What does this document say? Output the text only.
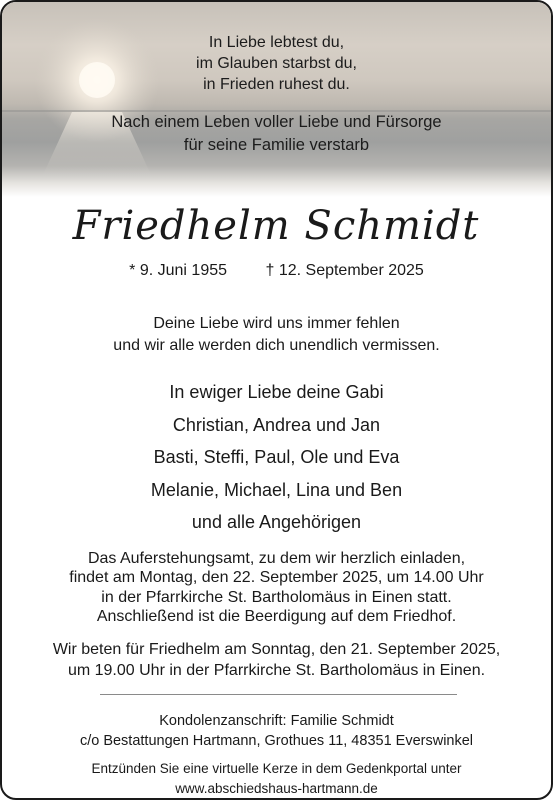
In Liebe lebtest du,
im Glauben starbst du,
in Frieden ruhest du.
Nach einem Leben voller Liebe und Fürsorge
für seine Familie verstarb
Friedhelm Schmidt
* 9. Juni 1955 † 12. September 2025
Deine Liebe wird uns immer fehlen
und wir alle werden dich unendlich vermissen.
In ewiger Liebe deine Gabi
Christian, Andrea und Jan
Basti, Steffi, Paul, Ole und Eva
Melanie, Michael, Lina und Ben
und alle Angehörigen
Das Auferstehungsamt, zu dem wir herzlich einladen,
findet am Montag, den 22. September 2025, um 14.00 Uhr
in der Pfarrkirche St. Bartholomäus in Einen statt.
Anschließend ist die Beerdigung auf dem Friedhof.
Wir beten für Friedhelm am Sonntag, den 21. September 2025,
um 19.00 Uhr in der Pfarrkirche St. Bartholomäus in Einen.
Kondolenzanschrift: Familie Schmidt
c/o Bestattungen Hartmann, Grothues 11, 48351 Everswinkel
Entzünden Sie eine virtuelle Kerze in dem Gedenkportal unter
www.abschiedshaus-hartmann.de
